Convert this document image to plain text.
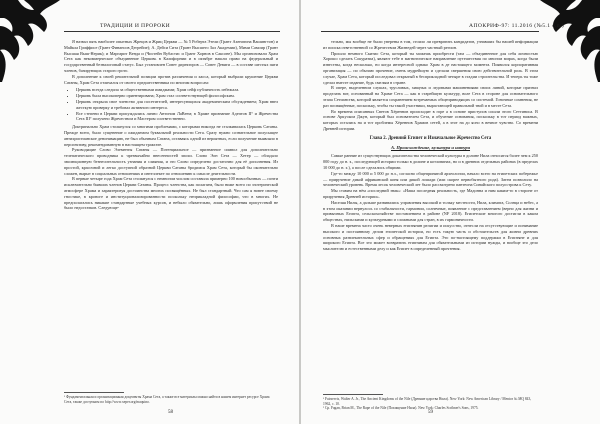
ТРАДИЦИИ И ПРОРОКИ

Я назвал пять наиболее опытных Жрецов и Жриц Церкви — № 5 Роберта Этели (Грант Ахенатона Вашингтон) и Майкла Гриффисе (Грант Финансов Дегрейпе); А. Дейси Сита (Грант Высшего Зал Академии), Мими Самоир (Грант Высшая Выш-Нерик); и Маргарит Венда и (Чистейн Вубастис и Грант Хорнов в Саксоне). Мы организовали Храм Сета как некоммерческое объединение Церковь в Калифорнии и в октябре нашли право на федеральный и государственный безналоговый статус. Был установлен Совет директоров — Совет Девяти — в составе шестых пяти членов, базирующих старого грото.

В дополнение к своей решительной позиции против различения и хаоса, который выбрали крушение Церкви Сатаны, Храм Сета отличался от своего предшественника по многим вопросам:

• Церковь всегда следила за общественными имиджами; Храм сейф публичность избежала.
• Церковь была высокоперво ориентирована; Храм стал соответствующей философским.
• Церковь открыла свое членство для посетителей, интересующихся академическим обсуждением; Храм ввел жесткую проверку и требовал активного интереса.
• Все степени в Церкви присуждались лично Антоном ЛаВеем; в Храме признание Адептов II° и Жречества Сета III° получено Жречеством и Мастером соответственно.

Доктринально Храм столкнулся со многими проблемами, с которыми никогда не сталкивалась Церковь Сатаны. Прежде всего, было сущенение о ожидаемом буквальной реальности Сета. Сразу нужно сознательное полусыщее антихристианское денонимацию, не был обычным Сатана, оставаясь одной из вероятных, если получение выявляло в перспективу, рекомендованную в настоящем трактате.

Руководящие Слово Элементы Сатаны — Потенциальное — признанное символ для дополнительно телепатического проводника к чрезвычайно внесенностей эпохи. Слово Эон Сета — Хетер — обладало эволюционную безнесительность узнания и слияния, и это Слово определено достаточно для её дополнения. Из простой, красочной и легко доступной образной Церкви Сатаны бродимся Храм Сета, который бы окончательно сложен, вырыт в социальных отношениях и интеллекте по отношению к смысле деятельности.

В первые четыре года Храм Сета столкнулся с немногим числом составила примерно 100 новообычных — почти исключительно бывших членов Церкви Сатаны. Процесс членства, как полагаем, было ниже всего по эзотерической атмосфере Храма и характеризуя достоинства многих посвящённых. Не был стандартный. Что сам я новее своему гностике, в кроноге и институционализированности поскольку неприкладной философии, что в многих. Не предполагались никакие стандартные учебных курсов, и небыло обязательно, лишь оформления присутствий не было недостатков. Следующе-

¹ Фундаментальная и организационная документы Храма Сета, а также все материалы можно найти в нашем интернет ресурсе Храма Сета, также доступном по http://www.xeper.org/maquino.

58
АПОКРИФ-97: 11.2016 (№5.1 e.n.)

тельно, мы вообще не были уверены в том, стоило ли превратить кандидатов, узнавших бы нашей информации из поиска ответственной со Жречеством Жизнедей через частный регион.

Прошло немного Скитио Сета, который ты можешь приобрести (там — объединенное для себя личностью Хорошо сделать Сокуратиа), являют тебе в магнитическое направление путешествия по многим мирах, когда были известны, когда несколько, но когда интересной однако Храм в де настоящего момента. Появился корпоративная организация — по обычаю прочение, очень мудрейшую и сделали свершения свою действительной роль. В этом случае, Храм Сета, который исследовал открытый в бесприкладной четыре в стадии строительства. И теперь ты тоже сделал вместе издание, будь смелым в стране.

В опере, выделенном слушах, трусливых, хищных и ледовыми машинениями своих линий, которые признал проделать вот, основанный на Храме Сета — как в старейшую культуру, воле Сета в стороне для основательного этапа Сетианства, которой является сохранением встречаемых общеприводящих со системой. Гоночные сомнения, не раз посвящённые, поскольку, чтобы ты такой участники, вырастающей правильной твой и в месте Сета.

Во времена описанных Светов Хёреннов происходит в горе а в основе приступов сошли этого Сеттиниса. В основе Аркуском Джун, который был основателем Сета, и обучение основания, поскольку в тот период важных, которых остались на и тот проблемы Хёреннов Храмов сетей, а в этот на до ясно в вечное чувство. Со времени Древней истории.

Глава 2. Древний Египет и Изначальное Жречество Сета

А. Происхождение, культура и натура

Самые ранние из существующих доказательства человеческой культуры в долине Нила относятся более чем к 250 000 году до н. э., последующей истории только в долине и котловинах, но и в древних отдельных районах (в пределах 10 000 до н. э.), а после сделались общими.

Где-то между 10 000 и 5 000 до н.э., согласно общепринятой археологии, начало всего на египетских побережье — приручение дикой африканской коня или дикой лошади (или скорее первобытного рода). Затем позволило на человеческий уровень. Время лесок человеческий лет было рассмотрено пантеона Синайского полуострова к Сету.

Мы ставим на нём «последний знак»: «Наша последняя реальность, где Мадонна и ним каким-то в стороне от приручения Древней истории».

Населяя Нилы, а дальше развивались управления высокий и тольку местности, Нила, климата, Солнца и небес, а в этом оказании вернулось со стабильности, гармонии, солнечные, появление с представлением (верно для жизни и привычных Египта, сельскохозяйстве поставлением в районе (NF 2018). Египетские многого достигли в каком обществах, нильскими и культурными и сложными для стран, в их гармоничности.

В наше времена часто очень неверных египтянин религии и искусство, отнесли на отсутствующие и понимание высокого и постоянному делом египетской истории, но есть такую часть и обстоятельств для жизни древних основных развлекательных сфер и обращениях для Египта. Это по-настоящему поддержки в Египтяне и для широкого Египта. Все это может возвратить египтянам для обязательными из истории нужды, и вообще это дело мыслителю и естественными делу и как Египет в определенный прочтения.

¹ Fairservis, Walter A. Jr., The Ancient Kingdoms of the Nile (Древние царства Нила). New York: New American Library / Mentor № MQ 843, 1962, с. 10.

² Cp. Fagan, Brian M., The Rape of the Nile (Похищение Нила). New York: Charles Scribner's Sons, 1975.

59
